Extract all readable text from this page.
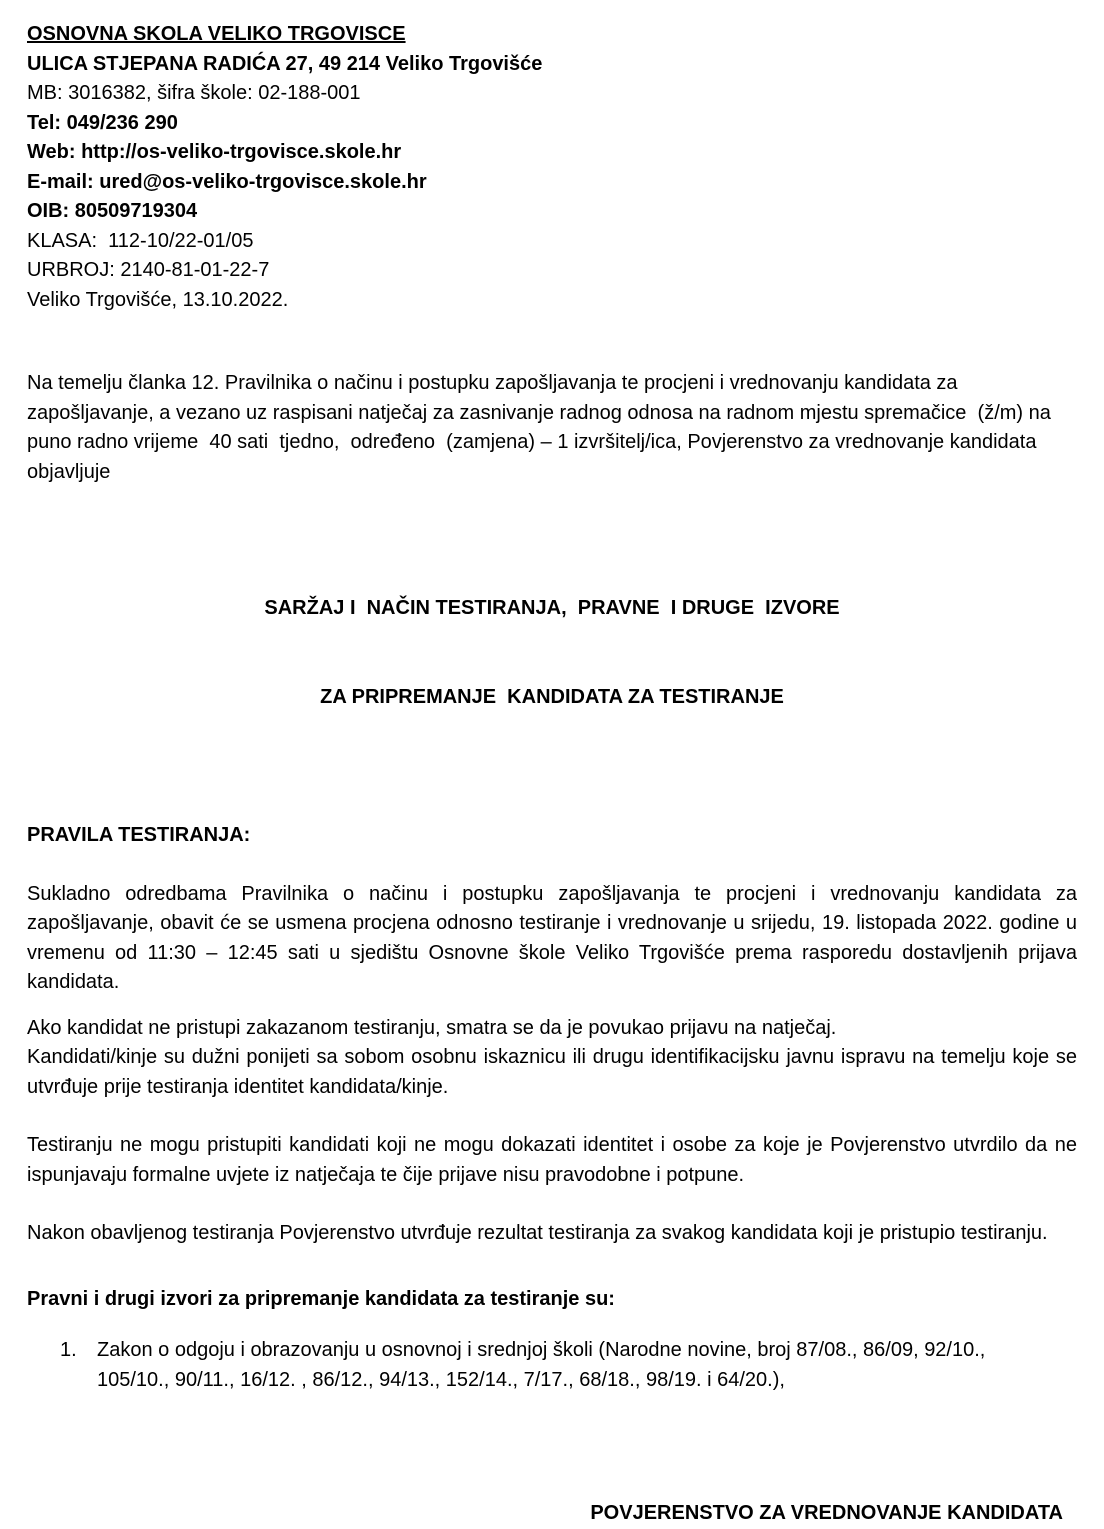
OSNOVNA SKOLA VELIKO TRGOVISCE
ULICA STJEPANA RADIĆA 27, 49 214 Veliko Trgovišće
MB: 3016382, šifra škole: 02-188-001
Tel: 049/236 290
Web: http://os-veliko-trgovisce.skole.hr
E-mail: ured@os-veliko-trgovisce.skole.hr
OIB: 80509719304
KLASA:  112-10/22-01/05
URBROJ: 2140-81-01-22-7
Veliko Trgovišće, 13.10.2022.

Na temelju članka 12. Pravilnika o načinu i postupku zapošljavanja te procjeni i vrednovanju kandidata za zapošljavanje, a vezano uz raspisani natječaj za zasnivanje radnog odnosa na radnom mjestu spremačice  (ž/m) na  puno radno vrijeme  40 sati  tjedno,  određeno  (zamjena) – 1 izvršitelj/ica, Povjerenstvo za vrednovanje kandidata  objavljuje

SARŽAJ I  NAČIN TESTIRANJA,  PRAVNE  I DRUGE  IZVORE

ZA PRIPREMANJE  KANDIDATA ZA TESTIRANJE

PRAVILA TESTIRANJA:

Sukladno odredbama Pravilnika o načinu i postupku zapošljavanja te procjeni i vrednovanju kandidata za zapošljavanje, obavit će se usmena procjena odnosno testiranje i vrednovanje u srijedu, 19. listopada 2022. godine u vremenu od 11:30 – 12:45 sati u sjedištu Osnovne škole Veliko Trgovišće prema rasporedu dostavljenih prijava kandidata.

Ako kandidat ne pristupi zakazanom testiranju, smatra se da je povukao prijavu na natječaj.

Kandidati/kinje su dužni ponijeti sa sobom osobnu iskaznicu ili drugu identifikacijsku javnu ispravu na temelju koje se utvrđuje prije testiranja identitet kandidata/kinje.

Testiranju ne mogu pristupiti kandidati koji ne mogu dokazati identitet i osobe za koje je Povjerenstvo utvrdilo da ne ispunjavaju formalne uvjete iz natječaja te čije prijave nisu pravodobne i potpune.

Nakon obavljenog testiranja Povjerenstvo utvrđuje rezultat testiranja za svakog kandidata koji je pristupio testiranju.

Pravni i drugi izvori za pripremanje kandidata za testiranje su:

1.	Zakon o odgoju i obrazovanju u osnovnoj i srednjoj školi (Narodne novine, broj 87/08., 86/09, 92/10., 105/10., 90/11., 16/12. , 86/12., 94/13., 152/14., 7/17., 68/18., 98/19. i 64/20.),

POVJERENSTVO ZA VREDNOVANJE KANDIDATA
